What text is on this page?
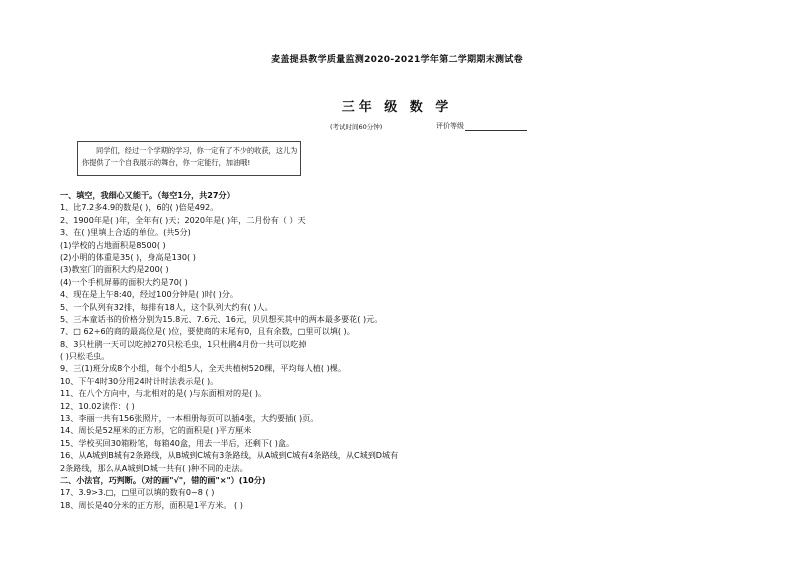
麦盖提县教学质量监测2020-2021学年第二学期期末测试卷
三年 级 数 学
(考试时间60分钟)	评价等级
同学们，经过一个学期的学习，你一定有了不少的收获，这儿为
你提供了一个自我展示的舞台，你一定能行，加油哦!
一、填空，我细心又能干。（每空1分，共27分）
1、比7.2多4.9的数是( )，6的( )倍是492。
2、1900年是( )年，全年有( )天；2020年是( )年，二月份有（ ）天
3、在( )里填上合适的单位。(共5分)
(1)学校的占地面积是8500( )
(2)小明的体重是35( )，身高是130( )
(3)教室门的面积大约是200( )
(4)一个手机屏幕的面积大约是70( )
4、现在是上午8:40，经过100分钟是( )时( )分。
5、一个队列有32排，每排有18人，这个队列大约有( )人。
5、三本童话书的价格分别为15.8元、7.6元、16元，贝贝想买其中的两本最多要花( )元。
7、□ 62÷6的商的最高位是( )位，要使商的末尾有0，且有余数，□里可以填( )。
8、3只杜鹃一天可以吃掉270只松毛虫，1只杜鹃4月份一共可以吃掉
( )只松毛虫。
9、三(1)班分成8个小组，每个小组5人，全天共植树520棵，平均每人植( )棵。
10、下午4时30分用24时计时法表示是( )。
11、在八个方向中，与北相对的是( )与东面相对的是( )。
12、10.02读作：( )
13、李丽一共有156张照片，一本相册每页可以插4张，大约要插( )页。
14、周长是52厘米的正方形，它的面积是( )平方厘米
15、学校买回30箱粉笔，每箱40盒，用去一半后，还剩下( )盒。
16、从A城到B城有2条路线，从B城到C城有3条路线，从A城到C城有4条路线，从C城到D城有
2条路线，那么从A城到D城一共有( )种不同的走法。
二、小法官，巧判断。（对的画"√"，错的画"×"）(10分)
17、3.9>3.□，□里可以填的数有0~8 ( )
18、周长是40分米的正方形，面积是1平方米。 ( )
